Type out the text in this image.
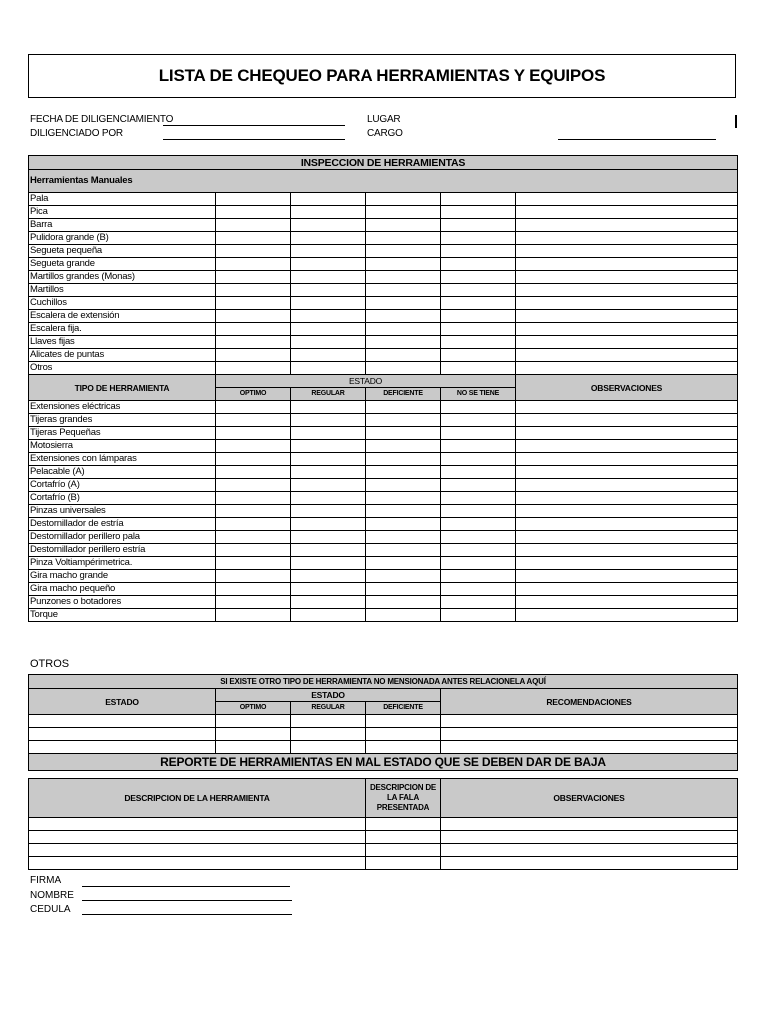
LISTA DE CHEQUEO PARA HERRAMIENTAS Y EQUIPOS
FECHA DE DILIGENCIAMIENTO
DILIGENCIADO POR
LUGAR
CARGO
INSPECCION DE HERRAMIENTAS					
Herramientas Manuales					
Pala					
Pica					
Barra					
Pulidora grande (B)					
Segueta pequeña					
Segueta grande					
Martillos grandes (Monas)					
Martillos					
Cuchillos					
Escalera de extensión					
Escalera fija.					
Llaves fijas					
Alicates de puntas					
Otros					
TIPO DE HERRAMIENTA	ESTADO				OBSERVACIONES
	OPTIMO	REGULAR	DEFICIENTE	NO SE TIENE	
Extensiones eléctricas					
Tijeras grandes					
Tijeras Pequeñas					
Motosierra					
Extensiones con lámparas					
Pelacable (A)					
Cortafrío (A)					
Cortafrío (B)					
Pinzas universales					
Destornillador de estría					
Destornillador perillero pala					
Destornillador perillero estría					
Pinza Voltiampérimetrica.					
Gira macho grande					
Gira macho pequeño					
Punzones o botadores					
Torque					
OTROS
SI EXISTE OTRO TIPO DE HERRAMIENTA NO MENSIONADA ANTES RELACIONELA AQUÍ				
ESTADO	ESTADO			RECOMENDACIONES
	OPTIMO	REGULAR	DEFICIENTE	

REPORTE DE HERRAMIENTAS EN MAL ESTADO QUE SE DEBEN DAR DE BAJA				
DESCRIPCION DE LA HERRAMIENTA	DESCRIPCION DE LA FALA PRESENTADA	OBSERVACIONES

FIRMA
NOMBRE
CEDULA
